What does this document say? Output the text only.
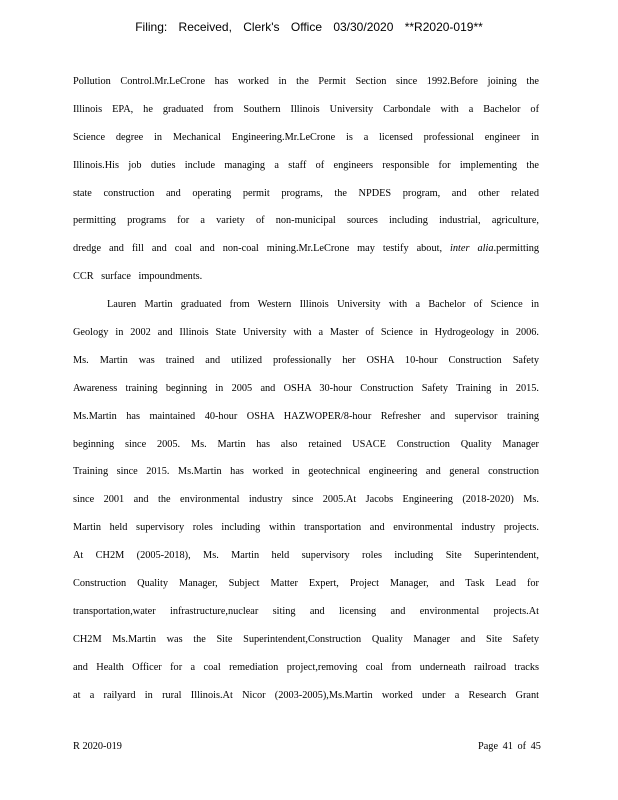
Filing: Received, Clerk's Office 03/30/2020 **R2020-019**
Pollution Control.Mr.LeCrone has worked in the Permit Section since 1992.Before joining the
Illinois EPA, he graduated from Southern Illinois University Carbondale with a Bachelor of
Science degree in Mechanical Engineering.Mr.LeCrone is a licensed professional engineer in
Illinois.His job duties include managing a staff of engineers responsible for implementing the
state construction and operating permit programs, the NPDES program, and other related
permitting programs for a variety of non-municipal sources including industrial, agriculture,
dredge and fill and coal and non-coal mining.Mr.LeCrone may testify about, inter alia.permitting
CCR surface impoundments.
Lauren Martin graduated from Western Illinois University with a Bachelor of Science in
Geology in 2002 and Illinois State University with a Master of Science in Hydrogeology in 2006.
Ms. Martin was trained and utilized professionally her OSHA 10-hour Construction Safety
Awareness training beginning in 2005 and OSHA 30-hour Construction Safety Training in 2015.
Ms.Martin has maintained 40-hour OSHA HAZWOPER/8-hour Refresher and supervisor training
beginning since 2005. Ms. Martin has also retained USACE Construction Quality Manager
Training since 2015. Ms.Martin has worked in geotechnical engineering and general construction
since 2001 and the environmental industry since 2005.At Jacobs Engineering (2018-2020) Ms.
Martin held supervisory roles including within transportation and environmental industry projects.
At CH2M (2005-2018), Ms. Martin held supervisory roles including Site Superintendent,
Construction Quality Manager, Subject Matter Expert, Project Manager, and Task Lead for
transportation,water infrastructure,nuclear siting and licensing and environmental projects.At
CH2M Ms.Martin was the Site Superintendent,Construction Quality Manager and Site Safety
and Health Officer for a coal remediation project,removing coal from underneath railroad tracks
at a railyard in rural Illinois.At Nicor (2003-2005),Ms.Martin worked under a Research Grant
R 2020-019	Page 41 of 45
